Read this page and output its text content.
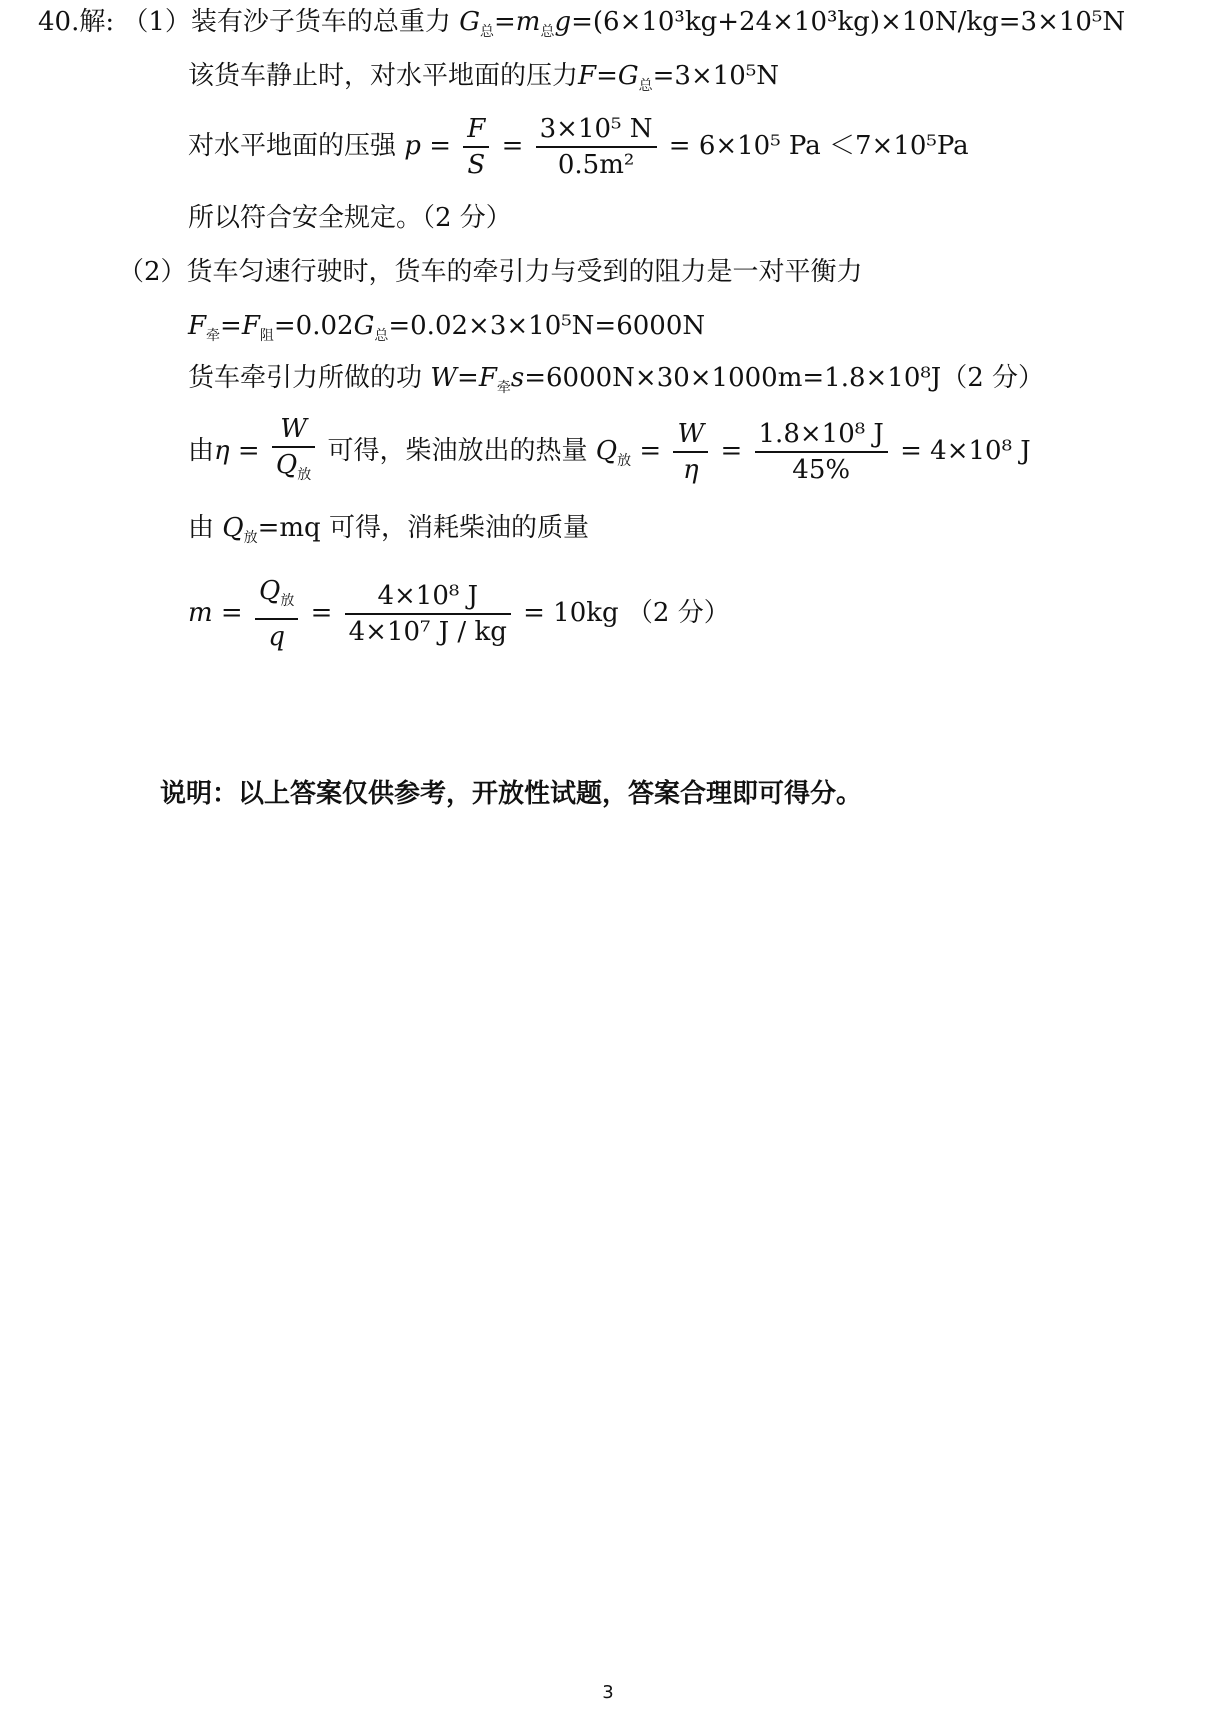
40.解: （1）装有沙子货车的总重力 $G_总=m_总g=(6\times 10^3kg+24\times 10^3kg)\times 10N/kg=3\times 10^5N$
该货车静止时，对水平地面的压力$F=G_总=3\times 10^5N$
对水平地面的压强 $p = \frac{F}{S} = \frac{\text{3×10⁵ N}}{\text{0.5m²}} = 6\times 10^5$ Pa ＜7×10⁵Pa
所以符合安全规定。（2 分）
（2）货车匀速行驶时，货车的牵引力与受到的阻力是一对平衡力
$F_牵=F_阻=0.02G_总=0.02\times 3\times 10^5N=6000N$
货车牵引力所做的功 $W=F_牵s=6000N\times 30\times 1000m=1.8\times 10^8J(2$ 分）
由$\eta = \frac{W}{Q_放}$ 可得，柴油放出的热量 $Q_放 = \frac{W}{\eta} = \frac{\text{1.8×10⁸ J}}{45\%} = 4\times 10^8$ J
由 $Q_放=mq$ 可得，消耗柴油的质量
$m = \frac{Q_放}{q} = \frac{\text{4×10⁸ J}}{\text{4×10⁷ J / kg}} = 10kg$ （2 分）
说明：以上答案仅供参考，开放性试题，答案合理即可得分。
3
